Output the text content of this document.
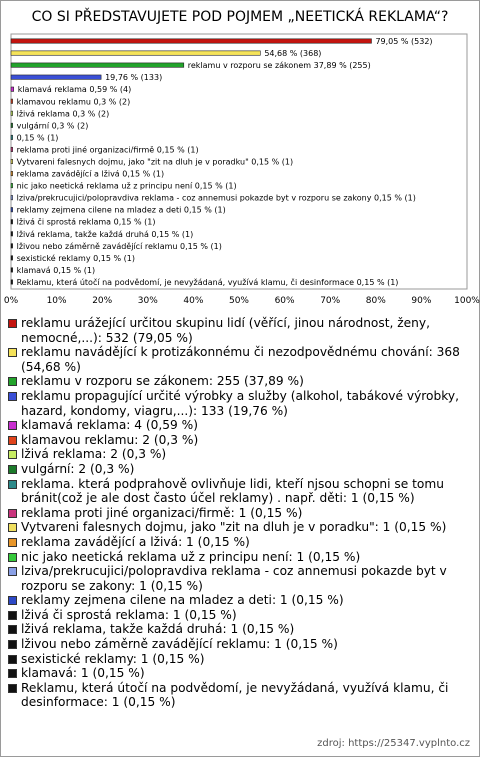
CO SI PŘEDSTAVUJETE POD POJMEM „NEETICKÁ REKLAMA“?
79,05 % (532)
54,68 % (368)
reklamu v rozporu se zákonem 37,89 % (255)
19,76 % (133)
klamavá reklama 0,59 % (4)
klamavou reklamu 0,3 % (2)
lživá reklama 0,3 % (2)
vulgární 0,3 % (2)
0,15 % (1)
reklama proti jiné organizaci/firmě 0,15 % (1)
Vytvareni falesnych dojmu, jako "zit na dluh je v poradku" 0,15 % (1)
reklama zavádějící a lživá 0,15 % (1)
nic jako neetická reklama už z principu není 0,15 % (1)
lziva/prekrucujici/polopravdiva reklama - coz annemusi pokazde byt v rozporu se zakony 0,15 % (1)
reklamy zejmena cilene na mladez a deti 0,15 % (1)
lživá či sprostá reklama 0,15 % (1)
lživá reklama, takže každá druhá 0,15 % (1)
lživou nebo záměrně zavádějící reklamu 0,15 % (1)
sexistické reklamy 0,15 % (1)
klamavá 0,15 % (1)
Reklamu, která útočí na podvědomí, je nevyžádaná, využívá klamu, či desinformace 0,15 % (1)
0%	10%	20%	30%	40%	50%	60%	70%	80%	90%	100%
reklamu urážející určitou skupinu lidí (věřící, jinou národnost, ženy, nemocné,...): 532 (79,05 %)
reklamu navádějící k protizákonnému či nezodpovědnému chování: 368 (54,68 %)
reklamu v rozporu se zákonem: 255 (37,89 %)
reklamu propagující určité výrobky a služby (alkohol, tabákové výrobky, hazard, kondomy, viagru,...): 133 (19,76 %)
klamavá reklama: 4 (0,59 %)
klamavou reklamu: 2 (0,3 %)
lživá reklama: 2 (0,3 %)
vulgární: 2 (0,3 %)
reklama. která podprahově ovlivňuje lidi, kteří njsou schopni se tomu bránit(což je ale dost často účel reklamy) . např. děti: 1 (0,15 %)
reklama proti jiné organizaci/firmě: 1 (0,15 %)
Vytvareni falesnych dojmu, jako "zit na dluh je v poradku": 1 (0,15 %)
reklama zavádějící a lživá: 1 (0,15 %)
nic jako neetická reklama už z principu není: 1 (0,15 %)
lziva/prekrucujici/polopravdiva reklama - coz annemusi pokazde byt v rozporu se zakony: 1 (0,15 %)
reklamy zejmena cilene na mladez a deti: 1 (0,15 %)
lživá či sprostá reklama: 1 (0,15 %)
lživá reklama, takže každá druhá: 1 (0,15 %)
lživou nebo záměrně zavádějící reklamu: 1 (0,15 %)
sexistické reklamy: 1 (0,15 %)
klamavá: 1 (0,15 %)
Reklamu, která útočí na podvědomí, je nevyžádaná, využívá klamu, či desinformace: 1 (0,15 %)
zdroj: https://25347.vyplnto.cz
